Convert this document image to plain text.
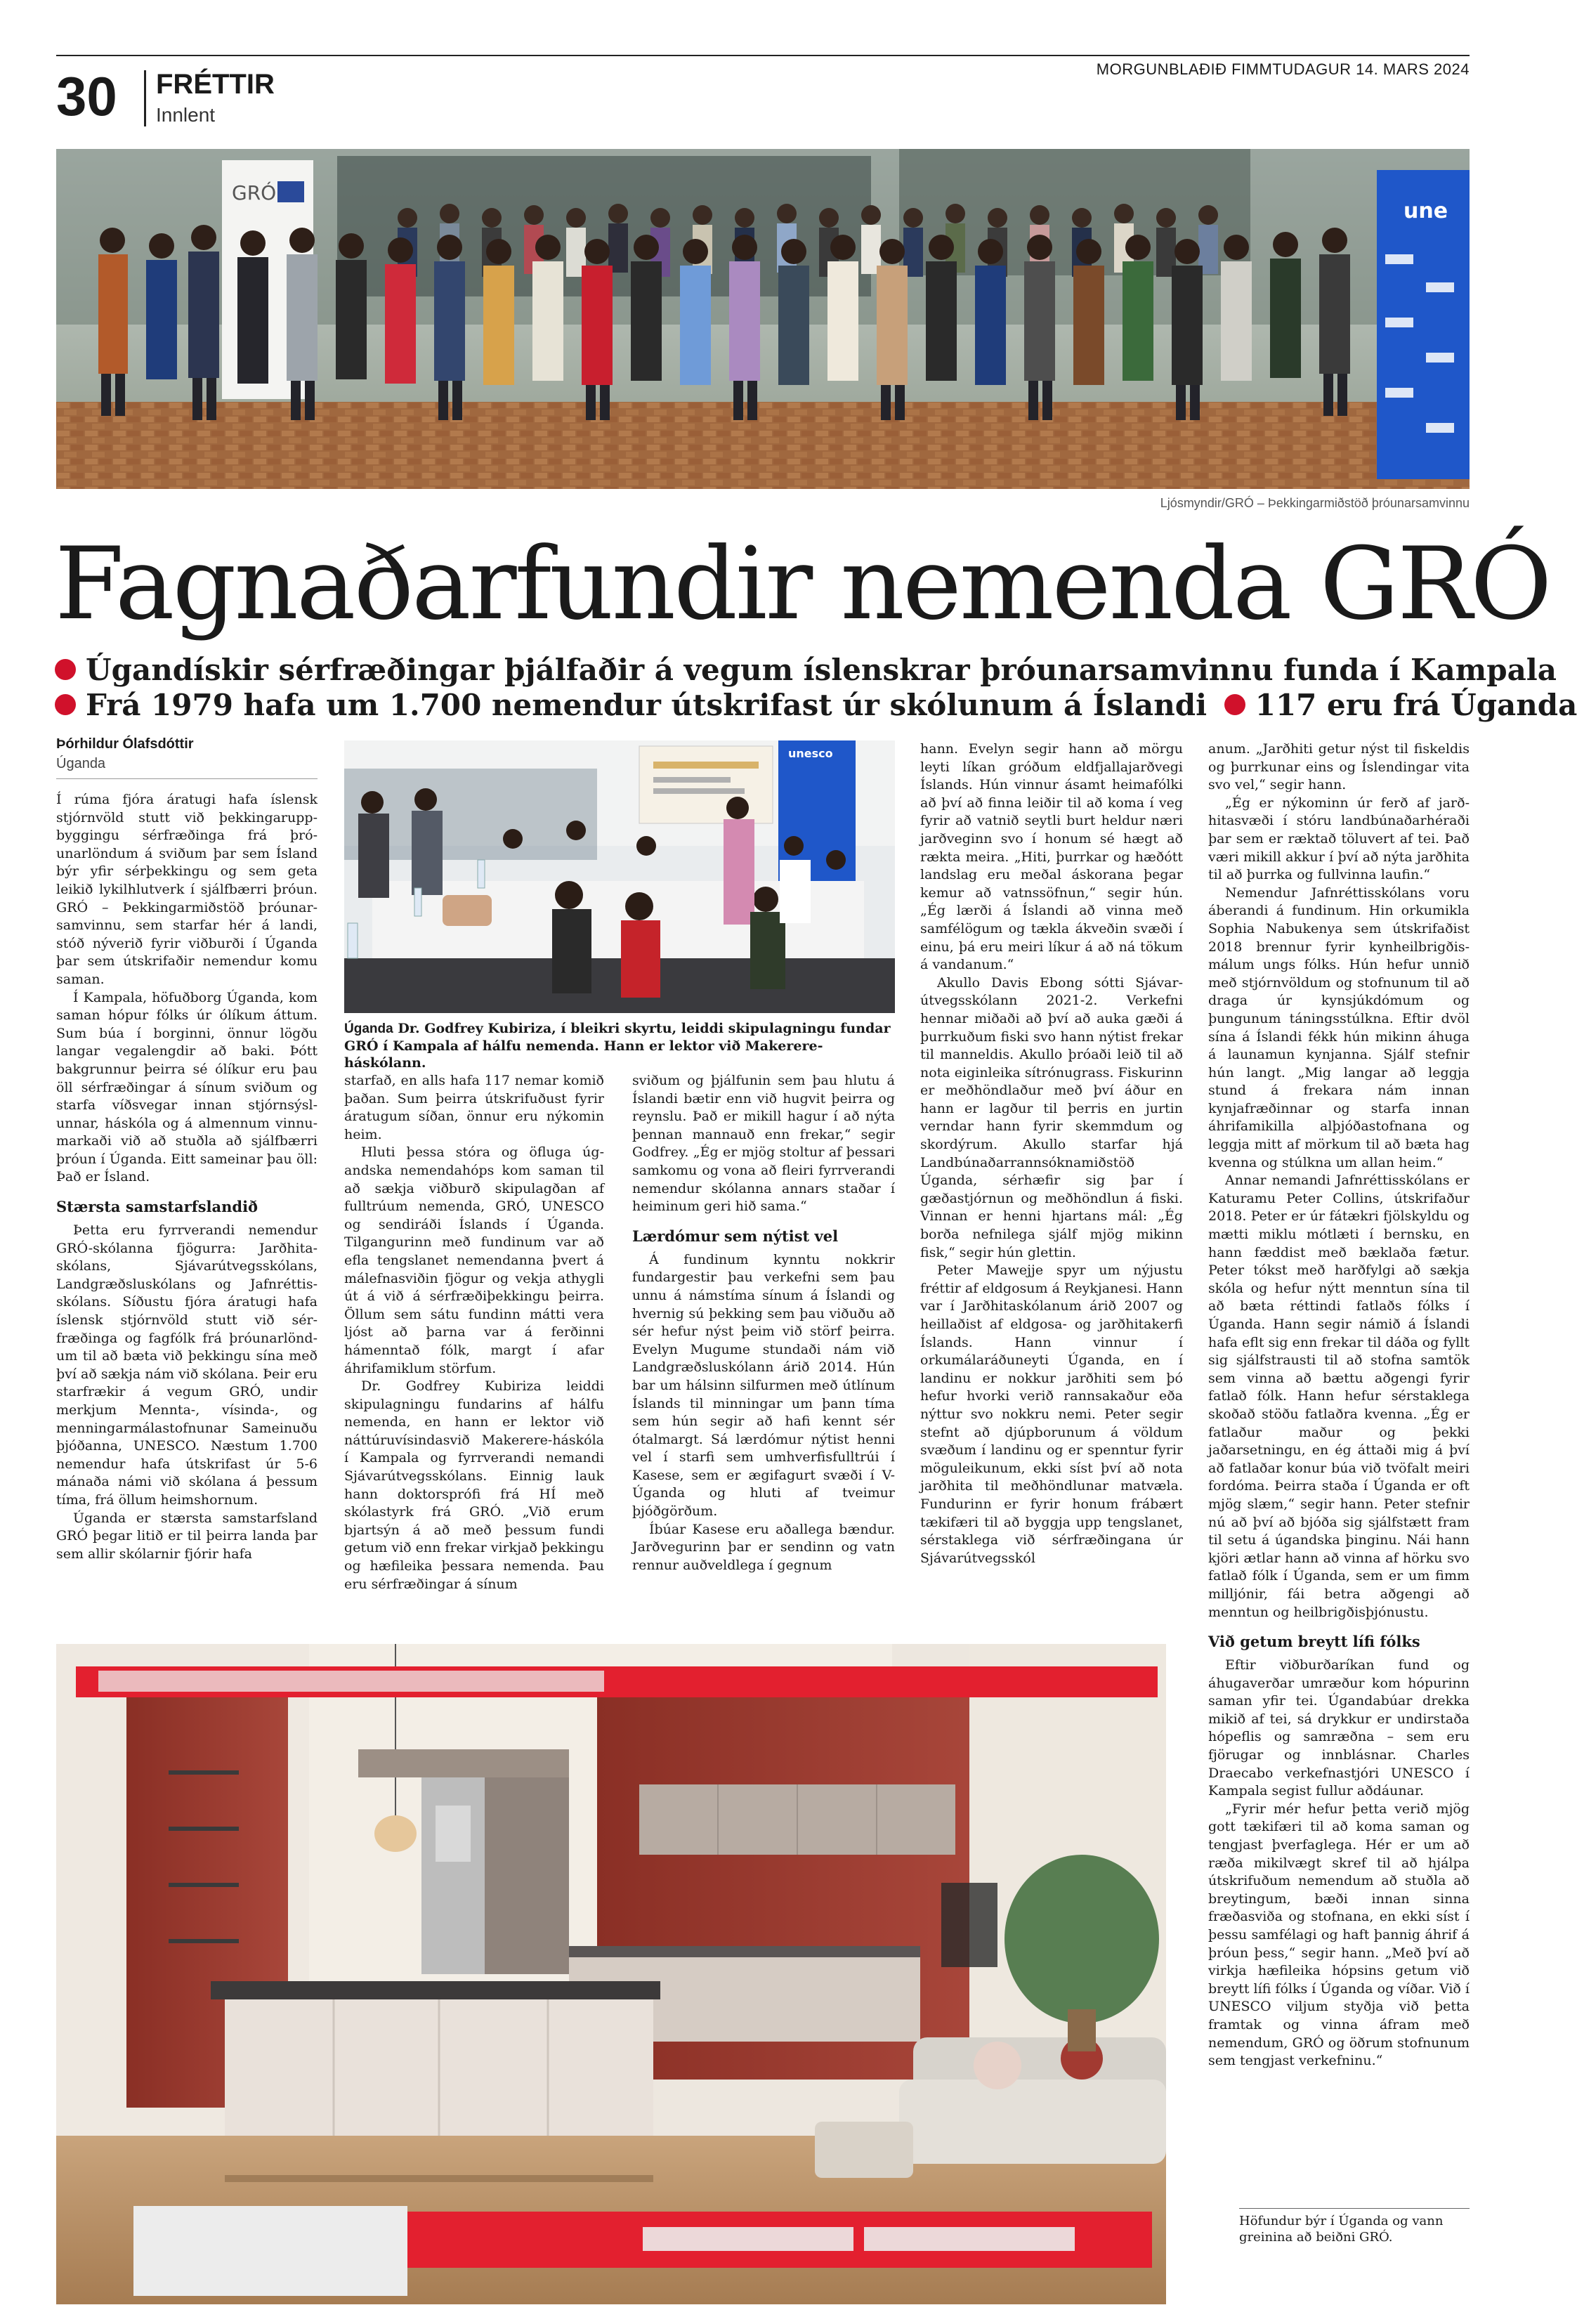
30 FRÉTTIR
Innlent
MORGUNBLAÐIÐ FIMMTUDAGUR 14. MARS 2024
GRÓ
une
Ljósmyndir/GRÓ – Þekkingarmiðstöð þróunarsamvinnu
Fagnaðarfundir nemenda GRÓ
Úgandískir sérfræðingar þjálfaðir á vegum íslenskrar þróunarsamvinnu funda í Kampala
Frá 1979 hafa um 1.700 nemendur útskrifast úr skólunum á Íslandi 117 eru frá Úganda
Þórhildur Ólafsdóttir
Úganda

Í rúma fjóra áratugi hafa íslensk stjórnvöld stutt við þekkingaruppbyggingu sérfræðinga frá þróunarlöndum á sviðum þar sem Ísland býr yfir sérþekkingu og sem geta leikið lykilhlutverk í sjálfbærri þróun. GRÓ – Þekkingarmiðstöð þróunarsamvinnu, sem starfar hér á landi, stóð nýverið fyrir viðburði í Úganda þar sem útskrifaðir nemendur komu saman.

Í Kampala, höfuðborg Úganda, kom saman hópur fólks úr ólíkum áttum. Sum búa í borginni, önnur lögðu langar vegalengdir að baki. Þótt bakgrunnur þeirra sé ólíkur eru þau öll sérfræðingar á sínum sviðum og starfa víðsvegar innan stjórnsýslunnar, háskóla og á almennum vinnumarkaði við að stuðla að sjálfbærri þróun í Úganda. Eitt sameinar þau öll: Það er Ísland.

Stærsta samstarfslandið

Þetta eru fyrrverandi nemendur GRÓ-skólanna fjögurra: Jarðhitaskólans, Sjávarútvegsskólans, Landgræðsluskólans og Jafnréttisskólans. Síðustu fjóra áratugi hafa íslensk stjórnvöld stutt við sérfræðinga og fagfólk frá þróunarlöndum til að bæta við þekkingu sína með því að sækja nám við skólana. Þeir eru starfrækir á vegum GRÓ, undir merkjum Mennta-, vísinda-, og menningarmálastofnunar Sameinuðu þjóðanna, UNESCO. Næstum 1.700 nemendur hafa útskrifast úr 5-6 mánaða námi við skólana á þessum tíma, frá öllum heimshornum.

Úganda er stærsta samstarfsland GRÓ þegar litið er til þeirra landa þar sem allir skólarnir fjórir hafa

unesco
Úganda Dr. Godfrey Kubiriza, í bleikri skyrtu, leiddi skipulagningu fundar GRÓ í Kampala af hálfu nemenda. Hann er lektor við Makerere-háskólann.

starfað, en alls hafa 117 nemar komið þaðan. Sum þeirra útskrifuðust fyrir áratugum síðan, önnur eru nýkomin heim.

Hluti þessa stóra og öfluga úgandska nemendahóps kom saman til að sækja viðburð skipulagðan af fulltrúum nemenda, GRÓ, UNESCO og sendiráði Íslands í Úganda. Tilgangurinn með fundinum var að efla tengslanet nemendanna þvert á málefnasviðin fjögur og vekja athygli út á við á sérfræðiþekkingu þeirra. Öllum sem sátu fundinn mátti vera ljóst að þarna var á ferðinni hámenntað fólk, margt í afar áhrifamiklum störfum.

Dr. Godfrey Kubiriza leiddi skipulagningu fundarins af hálfu nemenda, en hann er lektor við náttúruvísindasvið Makerere-háskóla í Kampala og fyrrverandi nemandi Sjávarútvegsskólans. Einnig lauk hann doktorsprófi frá HÍ með skólastyrk frá GRÓ. „Við erum bjartsýn á að með þessum fundi getum við enn frekar virkjað þekkingu og hæfileika þessara nemenda. Þau eru sérfræðingar á sínum

sviðum og þjálfunin sem þau hlutu á Íslandi bætir enn við hugvit þeirra og reynslu. Það er mikill hagur í að nýta þennan mannauð enn frekar,“ segir Godfrey. „Ég er mjög stoltur af þessari samkomu og vona að fleiri fyrrverandi nemendur skólanna annars staðar í heiminum geri hið sama.“

Lærdómur sem nýtist vel

Á fundinum kynntu nokkrir fundargestir þau verkefni sem þau unnu á námstíma sínum á Íslandi og hvernig sú þekking sem þau viðuðu að sér hefur nýst þeim við störf þeirra. Evelyn Mugume stundaði nám við Landgræðsluskólann árið 2014. Hún bar um hálsinn silfurmen með útlínum Íslands til minningar um þann tíma sem hún segir að hafi kennt sér ótalmargt. Sá lærdómur nýtist henni vel í starfi sem umhverfisfulltrúi í Kasese, sem er ægifagurt svæði í V-Úganda og hluti af tveimur þjóðgörðum.

Íbúar Kasese eru aðallega bændur. Jarðvegurinn þar er sendinn og vatn rennur auðveldlega í gegnum

hann. Evelyn segir hann að mörgu leyti líkan gróðum eldfjallajarðvegi Íslands. Hún vinnur ásamt heimafólki að því að finna leiðir til að koma í veg fyrir að vatnið seytli burt heldur næri jarðveginn svo í honum sé hægt að rækta meira. „Hiti, þurrkar og hæðótt landslag eru meðal áskorana þegar kemur að vatnssöfnun,“ segir hún. „Ég lærði á Íslandi að vinna með samfélögum og tækla ákveðin svæði í einu, þá eru meiri líkur á að ná tökum á vandanum.“

Akullo Davis Ebong sótti Sjávarútvegsskólann 2021-2. Verkefni hennar miðaði að því að auka gæði á þurrkuðum fiski svo hann nýtist frekar til manneldis. Akullo þróaði leið til að nota eiginleika sítrónugrass. Fiskurinn er meðhöndlaður með því áður en hann er lagður til þerris en jurtin verndar hann fyrir skemmdum og skordýrum. Akullo starfar hjá Landbúnaðarrannsóknamiðstöð Úganda, sérhæfir sig þar í gæðastjórnun og meðhöndlun á fiski. Vinnan er henni hjartans mál: „Ég borða nefnilega sjálf mjög mikinn fisk,“ segir hún glettin.

Peter Mawejje spyr um nýjustu fréttir af eldgosum á Reykjanesi. Hann var í Jarðhitaskólanum árið 2007 og heillaðist af eldgosa- og jarðhitakerfi Íslands. Hann vinnur í orkumálaráðuneyti Úganda, en í landinu er nokkur jarðhiti sem þó hefur hvorki verið rannsakaður eða nýttur svo nokkru nemi. Peter segir stefnt að djúpborunum á völdum svæðum í landinu og er spenntur fyrir möguleikunum, ekki síst því að nota jarðhita til meðhöndlunar matvæla. Fundurinn er fyrir honum frábært tækifæri til að byggja upp tengslanet, sérstaklega við sérfræðingana úr Sjávarútvegsskól

anum. „Jarðhiti getur nýst til fiskeldis og þurrkunar eins og Íslendingar vita svo vel,“ segir hann.

„Ég er nýkominn úr ferð af jarðhitasvæði í stóru landbúnaðarhéraði þar sem er ræktað töluvert af tei. Það væri mikill akkur í því að nýta jarðhita til að þurrka og fullvinna laufin.“

Nemendur Jafnréttisskólans voru áberandi á fundinum. Hin orkumikla Sophia Nabukenya sem útskrifaðist 2018 brennur fyrir kynheilbrigðismálum ungs fólks. Hún hefur unnið með stjórnvöldum og stofnunum til að draga úr kynsjúkdómum og þungunum táningsstúlkna. Eftir dvöl sína á Íslandi fékk hún mikinn áhuga á launamun kynjanna. Sjálf stefnir hún langt. „Mig langar að leggja stund á frekara nám innan kynjafræðinnar og starfa innan áhrifamikilla alþjóðastofnana og leggja mitt af mörkum til að bæta hag kvenna og stúlkna um allan heim.“

Annar nemandi Jafnréttisskólans er Katuramu Peter Collins, útskrifaður 2018. Peter er úr fátækri fjölskyldu og mætti miklu mótlæti í bernsku, en hann fæddist með bæklaða fætur. Peter tókst með harðfylgi að sækja skóla og hefur nýtt menntun sína til að bæta réttindi fatlaðs fólks í Úganda. Hann segir námið á Íslandi hafa eflt sig enn frekar til dáða og fyllt sig sjálfstrausti til að stofna samtök sem vinna að bættu aðgengi fyrir fatlað fólk. Hann hefur sérstaklega skoðað stöðu fatlaðra kvenna. „Ég er fatlaður maður og þekki jaðarsetningu, en ég áttaði mig á því að fatlaðar konur búa við tvöfalt meiri fordóma. Þeirra staða í Úganda er oft mjög slæm,“ segir hann. Peter stefnir nú að því að bjóða sig sjálfstætt fram til setu á úgandska þinginu. Nái hann kjöri ætlar hann að vinna af hörku svo fatlað fólk í Úganda, sem er um fimm milljónir, fái betra aðgengi að menntun og heilbrigðisþjónustu.

Við getum breytt lífi fólks

Eftir viðburðaríkan fund og áhugaverðar umræður kom hópurinn saman yfir tei. Úgandabúar drekka mikið af tei, sá drykkur er undirstaða hópeflis og samræðna – sem eru fjörugar og innblásnar. Charles Draecabo verkefnastjóri UNESCO í Kampala segist fullur aðdáunar.

„Fyrir mér hefur þetta verið mjög gott tækifæri til að koma saman og tengjast þverfaglega. Hér er um að ræða mikilvægt skref til að hjálpa útskrifuðum nemendum að stuðla að breytingum, bæði innan sinna fræðasviða og stofnana, en ekki síst í þessu samfélagi og haft þannig áhrif á þróun þess,“ segir hann. „Með því að virkja hæfileika hópsins getum við breytt lífi fólks í Úganda og víðar. Við í UNESCO viljum styðja við þetta framtak og vinna áfram með nemendum, GRÓ og öðrum stofnunum sem tengjast verkefninu.“

Höfundur býr í Úganda og vann greinina að beiðni GRÓ.
